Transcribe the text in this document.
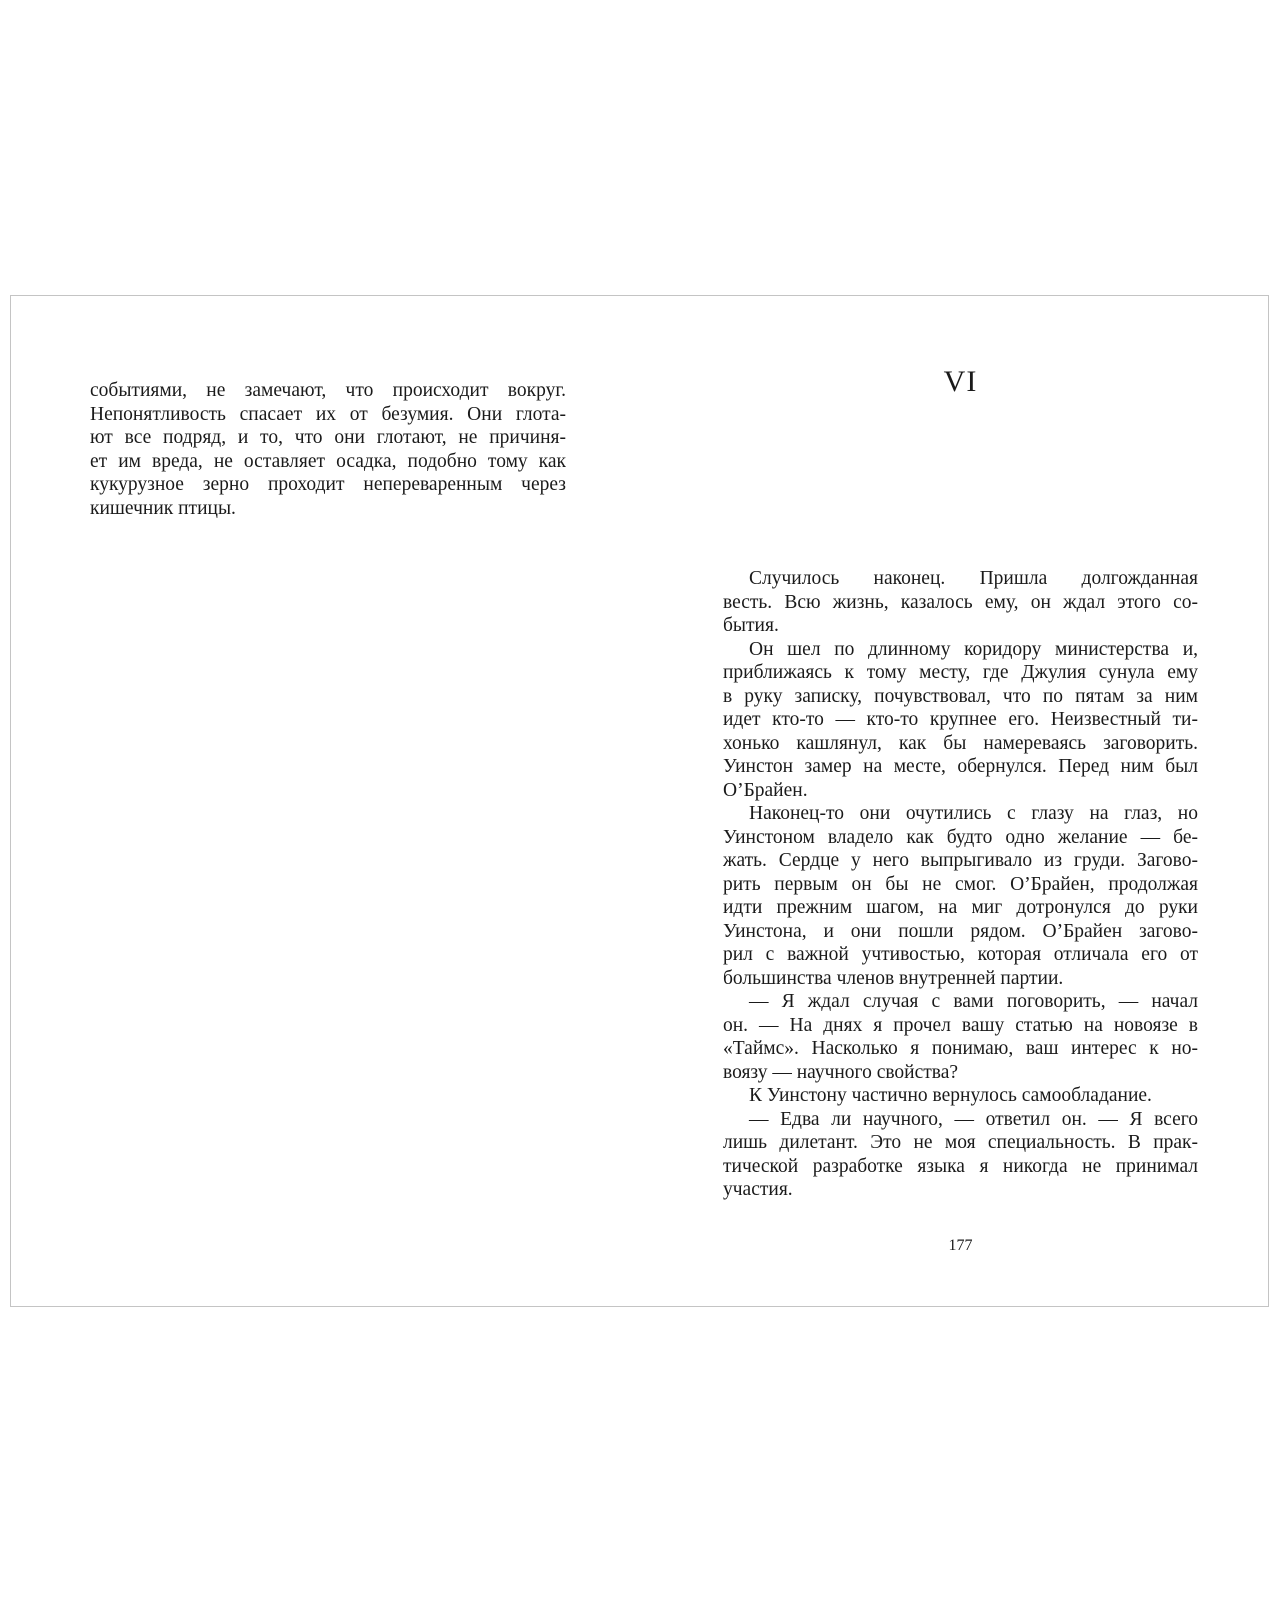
событиями, не замечают, что происходит вокруг.
Непонятливость спасает их от безумия. Они глота-
ют все подряд, и то, что они глотают, не причиня-
ет им вреда, не оставляет осадка, подобно тому как
кукурузное зерно проходит непереваренным через
кишечник птицы.
VI
Случилось наконец. Пришла долгожданная
весть. Всю жизнь, казалось ему, он ждал этого со-
бытия.
Он шел по длинному коридору министерства и,
приближаясь к тому месту, где Джулия сунула ему
в руку записку, почувствовал, что по пятам за ним
идет кто-то — кто-то крупнее его. Неизвестный ти-
хонько кашлянул, как бы намереваясь заговорить.
Уинстон замер на месте, обернулся. Перед ним был
О’Брайен.
Наконец-то они очутились с глазу на глаз, но
Уинстоном владело как будто одно желание — бе-
жать. Сердце у него выпрыгивало из груди. Загово-
рить первым он бы не смог. О’Брайен, продолжая
идти прежним шагом, на миг дотронулся до руки
Уинстона, и они пошли рядом. О’Брайен загово-
рил с важной учтивостью, которая отличала его от
большинства членов внутренней партии.
— Я ждал случая с вами поговорить, — начал
он. — На днях я прочел вашу статью на новоязе в
«Таймс». Насколько я понимаю, ваш интерес к но-
воязу — научного свойства?
К Уинстону частично вернулось самообладание.
— Едва ли научного, — ответил он. — Я всего
лишь дилетант. Это не моя специальность. В прак-
тической разработке языка я никогда не принимал
участия.
177
